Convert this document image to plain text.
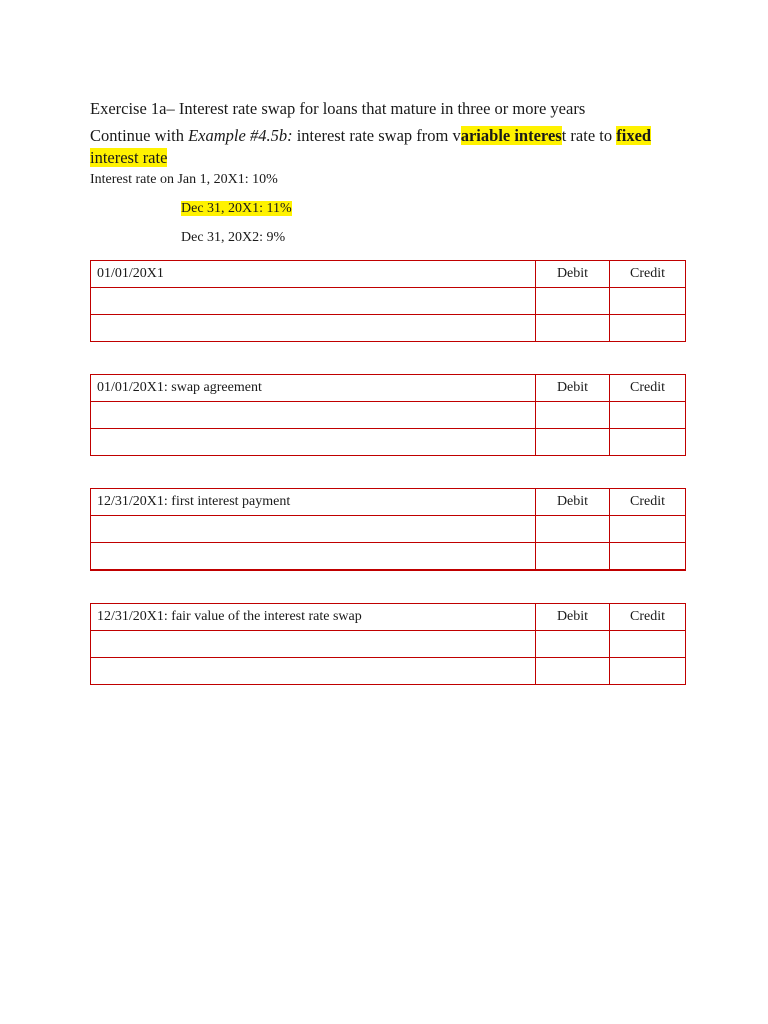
Exercise 1a– Interest rate swap for loans that mature in three or more years
Continue with Example #4.5b: interest rate swap from variable interest rate to fixed
interest rate
Interest rate on Jan 1, 20X1: 10%
Dec 31, 20X1: 11%
Dec 31, 20X2: 9%
01/01/20X1	Debit	Credit

01/01/20X1: swap agreement	Debit	Credit

12/31/20X1: first interest payment	Debit	Credit

12/31/20X1: fair value of the interest rate swap	Debit	Credit
